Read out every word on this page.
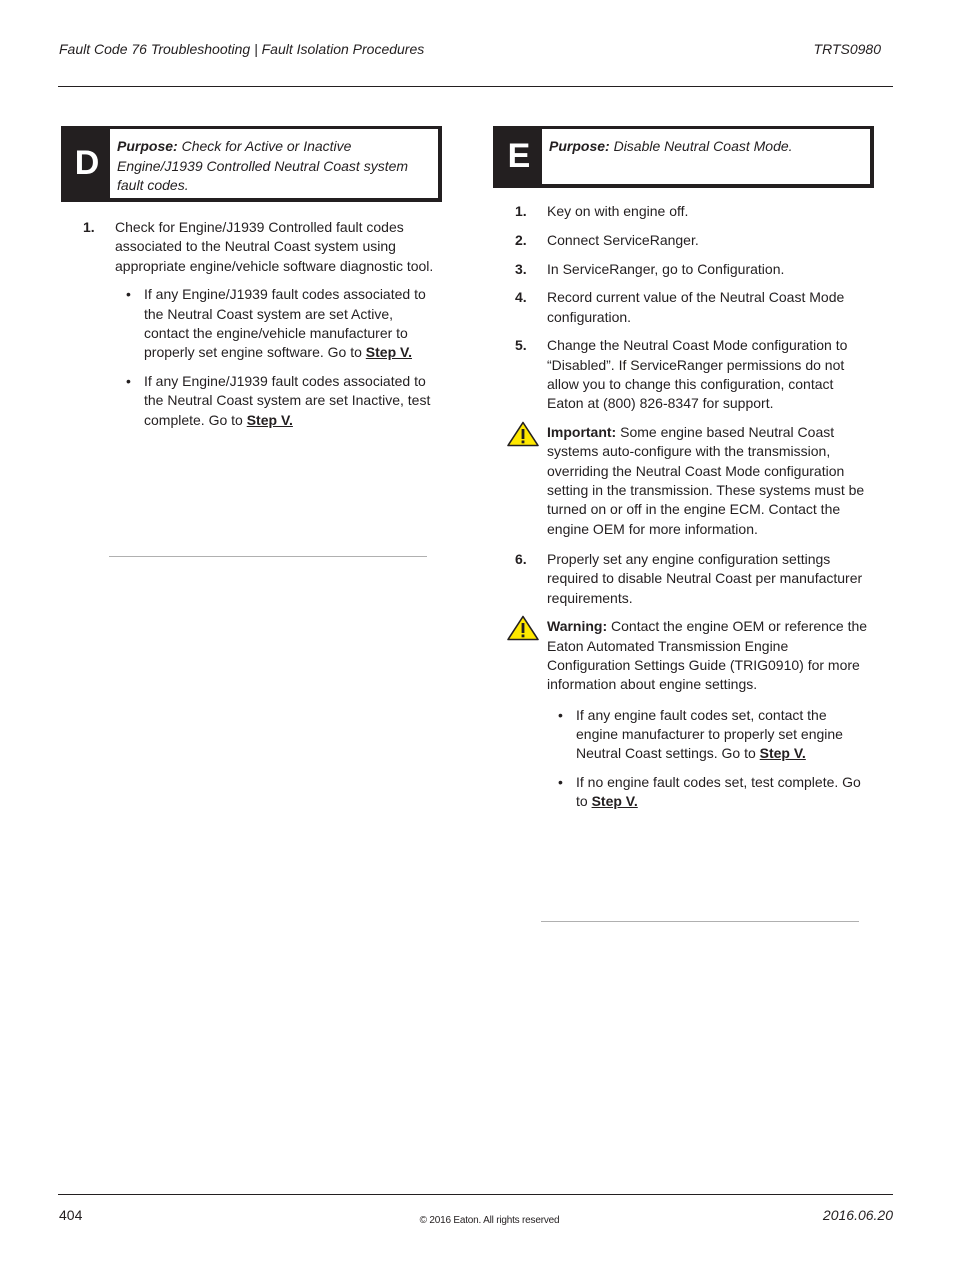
Fault Code 76 Troubleshooting | Fault Isolation Procedures	TRTS0980
D	Purpose: Check for Active or Inactive Engine/J1939 Controlled Neutral Coast system fault codes.
1. Check for Engine/J1939 Controlled fault codes associated to the Neutral Coast system using appropriate engine/vehicle software diagnostic tool.
• If any Engine/J1939 fault codes associated to the Neutral Coast system are set Active, contact the engine/vehicle manufacturer to properly set engine software. Go to Step V.
• If any Engine/J1939 fault codes associated to the Neutral Coast system are set Inactive, test complete. Go to Step V.
E	Purpose: Disable Neutral Coast Mode.
1. Key on with engine off.
2. Connect ServiceRanger.
3. In ServiceRanger, go to Configuration.
4. Record current value of the Neutral Coast Mode configuration.
5. Change the Neutral Coast Mode configuration to “Disabled”. If ServiceRanger permissions do not allow you to change this configuration, contact Eaton at (800) 826-8347 for support.
Important: Some engine based Neutral Coast systems auto-configure with the transmission, overriding the Neutral Coast Mode configuration setting in the transmission. These systems must be turned on or off in the engine ECM. Contact the engine OEM for more information.
6. Properly set any engine configuration settings required to disable Neutral Coast per manufacturer requirements.
Warning: Contact the engine OEM or reference the Eaton Automated Transmission Engine Configuration Settings Guide (TRIG0910) for more information about engine settings.
• If any engine fault codes set, contact the engine manufacturer to properly set engine Neutral Coast settings. Go to Step V.
• If no engine fault codes set, test complete. Go to Step V.
404	© 2016 Eaton. All rights reserved	2016.06.20
